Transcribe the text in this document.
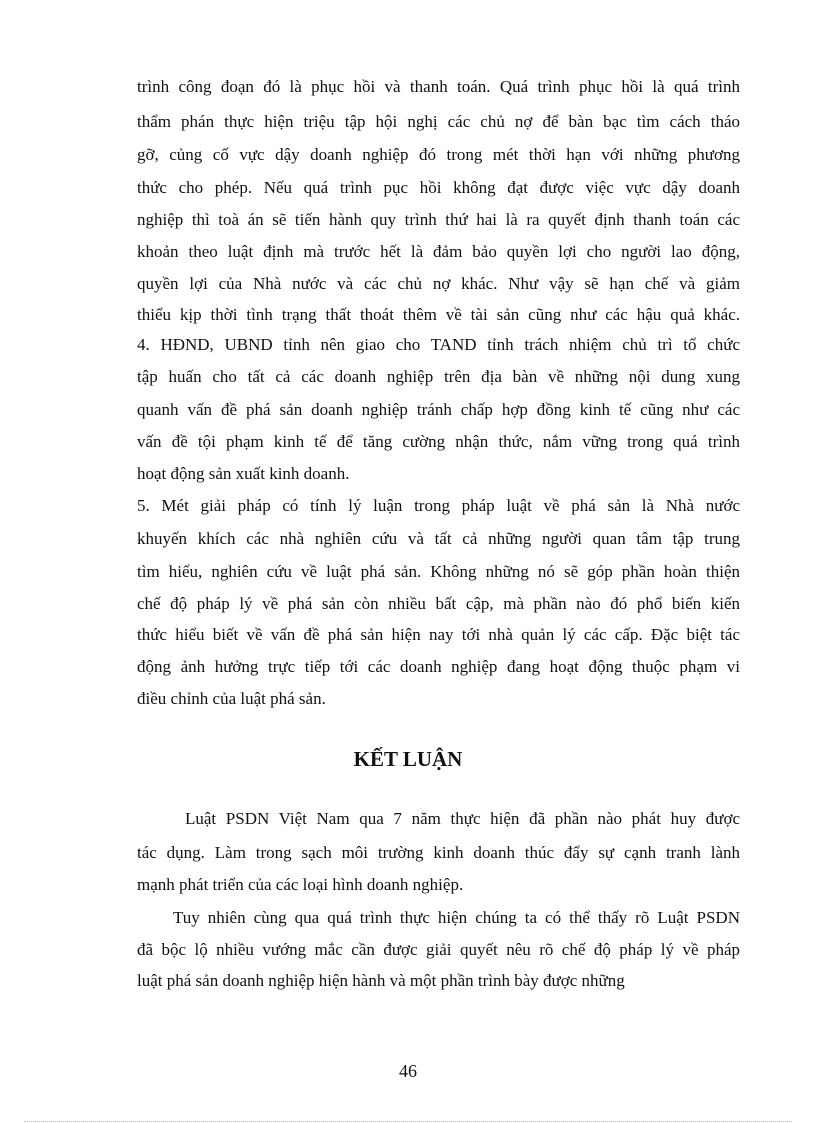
trình công đoạn đó là phục hồi và thanh toán. Quá trình phục hồi là quá trình
thẩm phán thực hiện triệu tập hội nghị các chủ nợ để bàn bạc tìm cách tháo
gỡ, củng cố vực dậy doanh nghiệp đó trong mét thời hạn với những phương
thức cho phép. Nếu quá trình pục hồi không đạt được việc vực dậy doanh
nghiệp thì toà án sẽ tiến hành quy trình thứ hai là ra quyết định thanh toán các
khoản theo luật định mà trước hết là đảm bảo quyền lợi cho người lao động,
quyền lợi của Nhà nước và các chủ nợ khác. Như vậy sẽ hạn chế và giảm
thiểu kịp thời tình trạng thất thoát thêm về tài sản cũng như các hậu quả khác.
4. HĐND, UBND tỉnh nên giao cho TAND tỉnh trách nhiệm chủ trì tổ chức
tập huấn cho tất cả các doanh nghiệp trên địa bàn về những nội dung xung
quanh vấn đề phá sản doanh nghiệp tránh chấp hợp đồng kinh tế cũng như các
vấn đề tội phạm kinh tế để tăng cường nhận thức, nắm vững trong quá trình
hoạt động sản xuất kinh doanh.
5. Mét giải pháp có tính lý luận trong pháp luật về phá sản là Nhà nước
khuyến khích các nhà nghiên cứu và tất cả những người quan tâm tập trung
tìm hiểu, nghiên cứu về luật phá sản. Không những nó sẽ góp phần hoàn thiện
chế độ pháp lý về phá sản còn nhiều bất cập, mà phần nào đó phổ biến kiến
thức hiểu biết về vấn đề phá sản hiện nay tới nhà quản lý các cấp. Đặc biệt tác
động ảnh hưởng trực tiếp tới các doanh nghiệp đang hoạt động thuộc phạm vi
điều chỉnh của luật phá sản.
KẾT LUẬN
Luật PSDN Việt Nam qua 7 năm thực hiện đã phần nào phát huy được
tác dụng. Làm trong sạch môi trường kinh doanh thúc đẩy sự cạnh tranh lành
mạnh phát triển của các loại hình doanh nghiệp.
Tuy nhiên cùng qua quá trình thực hiện chúng ta có thể thấy rõ Luật PSDN
đã bộc lộ nhiều vướng mắc cần được giải quyết nêu rõ chế độ pháp lý về pháp
luật phá sản doanh nghiệp hiện hành và một phần trình bày được những
46
